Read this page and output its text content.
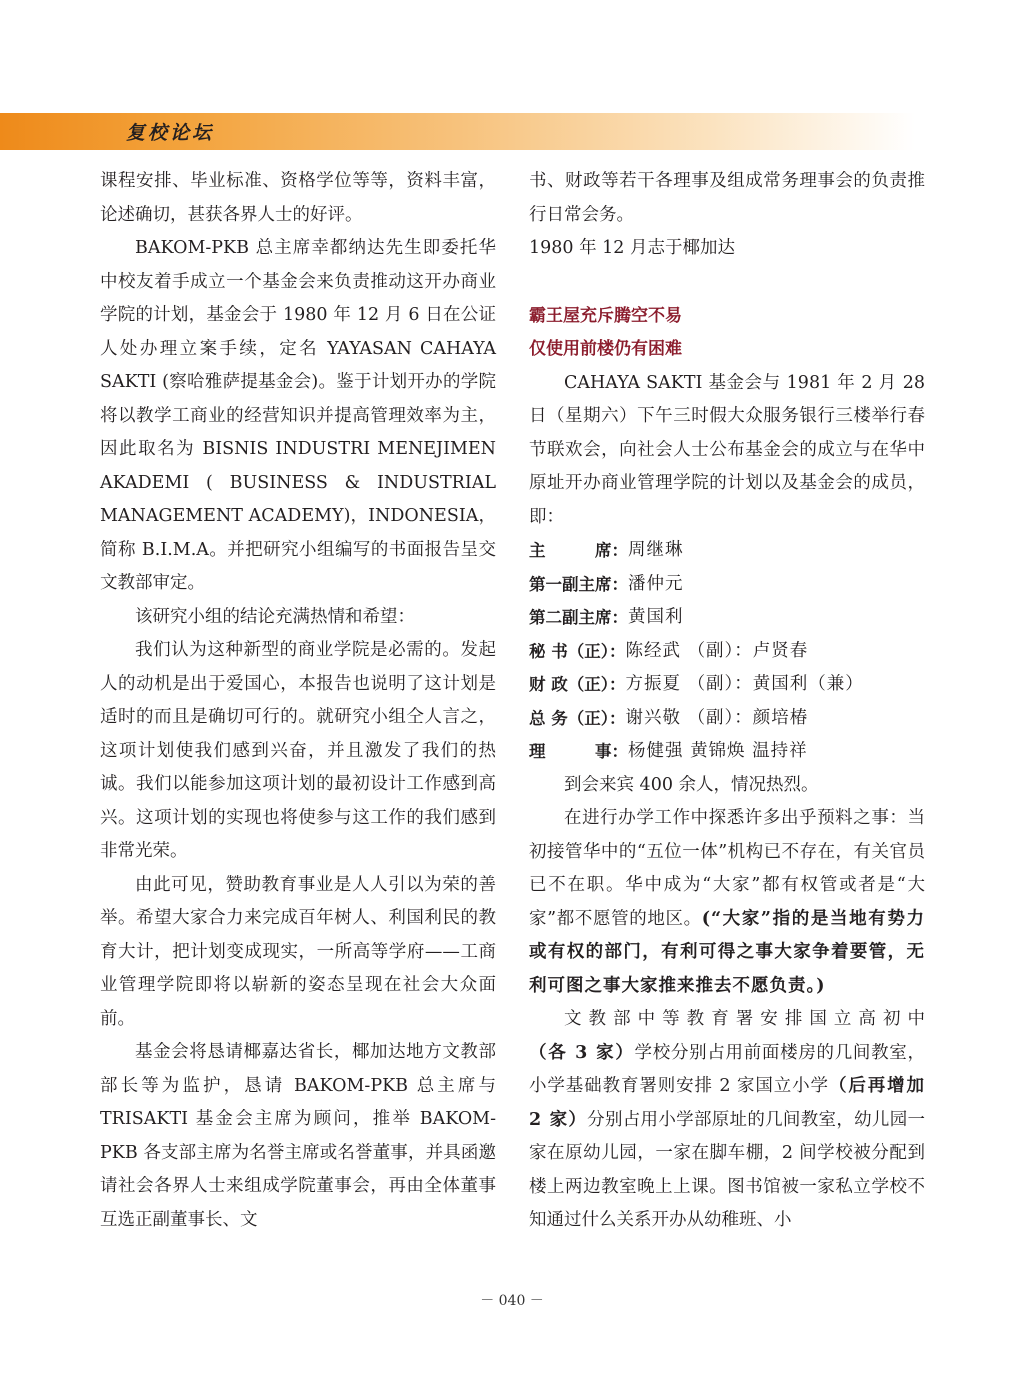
复校论坛

课程安排、毕业标准、资格学位等等，资料丰富，论述确切，甚获各界人士的好评。

BAKOM-PKB 总主席幸都纳达先生即委托华中校友着手成立一个基金会来负责推动这开办商业学院的计划，基金会于 1980 年 12 月 6 日在公证人处办理立案手续，定名 YAYASAN CAHAYA SAKTI (察哈雅萨提基金会)。鉴于计划开办的学院将以教学工商业的经营知识并提高管理效率为主，因此取名为 BISNIS INDUSTRI MENEJIMEN AKADEMI ( BUSINESS & INDUSTRIAL MANAGEMENT ACADEMY)，INDONESIA，简称 B.I.M.A。并把研究小组编写的书面报告呈交文教部审定。

该研究小组的结论充满热情和希望：

我们认为这种新型的商业学院是必需的。发起人的动机是出于爱国心，本报告也说明了这计划是适时的而且是确切可行的。就研究小组仝人言之，这项计划使我们感到兴奋，并且激发了我们的热诚。我们以能参加这项计划的最初设计工作感到高兴。这项计划的实现也将使参与这工作的我们感到非常光荣。

由此可见，赞助教育事业是人人引以为荣的善举。希望大家合力来完成百年树人、利国利民的教育大计，把计划变成现实，一所高等学府——工商业管理学院即将以崭新的姿态呈现在社会大众面前。

基金会将恳请椰嘉达省长，椰加达地方文教部部长等为监护，恳请 BAKOM-PKB 总主席与 TRISAKTI 基金会主席为顾问，推举 BAKOM-PKB 各支部主席为名誉主席或名誉董事，并具函邀请社会各界人士来组成学院董事会，再由全体董事互选正副董事长、文

书、财政等若干各理事及组成常务理事会的负责推行日常会务。

1980 年 12 月志于椰加达

霸王屋充斥腾空不易

仅使用前楼仍有困难

CAHAYA SAKTI 基金会与 1981 年 2 月 28 日（星期六）下午三时假大众服务银行三楼举行春节联欢会，向社会人士公布基金会的成立与在华中原址开办商业管理学院的计划以及基金会的成员，即：

主　　　席： 周继琳
第一副主席： 潘仲元
第二副主席： 黄国利
秘 书（正）： 陈经武 （副）：卢贤春
财 政（正）： 方振夏 （副）：黄国利（兼）
总 务（正）： 谢兴敬 （副）：颜培椿
理　　　事： 杨健强 黄锦焕 温持祥

到会来宾 400 余人，情况热烈。

在进行办学工作中探悉许多出乎预料之事：当初接管华中的“五位一体”机构已不存在，有关官员已不在职。华中成为“大家”都有权管或者是“大家”都不愿管的地区。(“大家”指的是当地有势力或有权的部门，有利可得之事大家争着要管，无利可图之事大家推来推去不愿负责。)

文教部中等教育署安排国立高初中（各 3 家）学校分别占用前面楼房的几间教室，小学基础教育署则安排 2 家国立小学（后再增加 2 家）分别占用小学部原址的几间教室，幼儿园一家在原幼儿园，一家在脚车棚，2 间学校被分配到楼上两边教室晚上上课。图书馆被一家私立学校不知通过什么关系开办从幼稚班、小

－ 040 －
